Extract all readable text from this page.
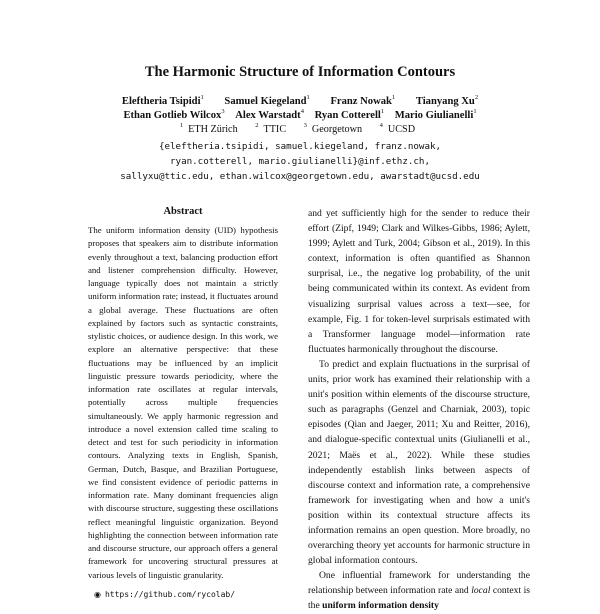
The Harmonic Structure of Information Contours
Eleftheria Tsipidi$^1$ Samuel Kiegeland$^1$ Franz Nowak$^1$ Tianyang Xu$^2$
Ethan Gotlieb Wilcox$^3$ Alex Warstadt$^4$ Ryan Cotterell$^1$ Mario Giulianelli$^1$
$^1$ ETH Zürich	$^2$ TTIC	$^3$ Georgetown	$^4$ UCSD
{eleftheria.tsipidi, samuel.kiegeland, franz.nowak,
ryan.cotterell, mario.giulianelli}@inf.ethz.ch,
sallyxu@ttic.edu, ethan.wilcox@georgetown.edu, awarstadt@ucsd.edu
Abstract
The uniform information density (UID) hypothesis proposes that speakers aim to distribute information evenly throughout a text, balancing production effort and listener comprehension difficulty. However, language typically does not maintain a strictly uniform information rate; instead, it fluctuates around a global average. These fluctuations are often explained by factors such as syntactic constraints, stylistic choices, or audience design. In this work, we explore an alternative perspective: that these fluctuations may be influenced by an implicit linguistic pressure towards periodicity, where the information rate oscillates at regular intervals, potentially across multiple frequencies simultaneously. We apply harmonic regression and introduce a novel extension called time scaling to detect and test for such periodicity in information contours. Analyzing texts in English, Spanish, German, Dutch, Basque, and Brazilian Portuguese, we find consistent evidence of periodic patterns in information rate. Many dominant frequencies align with discourse structure, suggesting these oscillations reflect meaningful linguistic organization. Beyond highlighting the connection between information rate and discourse structure, our approach offers a general framework for uncovering structural pressures at various levels of linguistic granularity.
◉ https://github.com/rycolab/

and yet sufficiently high for the sender to reduce their effort (Zipf, 1949; Clark and Wilkes-Gibbs, 1986; Aylett, 1999; Aylett and Turk, 2004; Gibson et al., 2019). In this context, information is often quantified as Shannon surprisal, i.e., the negative log probability, of the unit being communicated within its context. As evident from visualizing surprisal values across a text—see, for example, Fig. 1 for token-level surprisals estimated with a Transformer language model—information rate fluctuates harmonically throughout the discourse.

To predict and explain fluctuations in the surprisal of units, prior work has examined their relationship with a unit's position within elements of the discourse structure, such as paragraphs (Genzel and Charniak, 2003), topic episodes (Qian and Jaeger, 2011; Xu and Reitter, 2016), and dialogue-specific contextual units (Giulianelli et al., 2021; Maës et al., 2022). While these studies independently establish links between aspects of discourse context and information rate, a comprehensive framework for investigating when and how a unit's position within its contextual structure affects its information remains an open question. More broadly, no overarching theory yet accounts for harmonic structure in global information contours.

One influential framework for understanding the relationship between information rate and local context is the uniform information density
